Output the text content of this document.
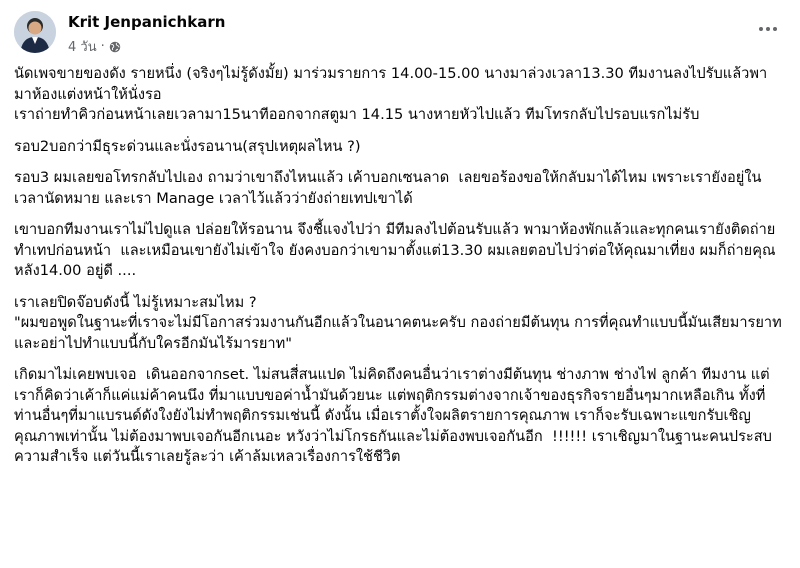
Krit Jenpanichkarn
4 วัน ·

นัดเพจขายของดัง รายหนึ่ง (จริงๆไม่รู้ดังมั้ย) มาร่วมรายการ 14.00-15.00 นางมาล่วงเวลา13.30 ทีมงานลงไปรับแล้วพามาห้องแต่งหน้าให้นั่งรอ
เราถ่ายทำคิวก่อนหน้าเลยเวลามา15นาทีออกจากสตูมา 14.15 นางหายหัวไปแล้ว ทีมโทรกลับไปรอบแรกไม่รับ

รอบ2บอกว่ามีธุระด่วนและนั่งรอนาน(สรุปเหตุผลไหน ?)

รอบ3 ผมเลยขอโทรกลับไปเอง ถามว่าเขาถึงไหนแล้ว เค้าบอกเซนลาด  เลยขอร้องขอให้กลับมาได้ไหม เพราะเรายังอยู่ในเวลานัดหมาย และเรา Manage เวลาไว้แล้วว่ายังถ่ายเทปเขาได้

เขาบอกทีมงานเราไม่ไปดูแล ปล่อยให้รอนาน จึงชี้แจงไปว่า มีทีมลงไปต้อนรับแล้ว พามาห้องพักแล้วและทุกคนเรายังติดถ่ายทำเทปก่อนหน้า  และเหมือนเขายังไม่เข้าใจ ยังคงบอกว่าเขามาตั้งแต่13.30 ผมเลยตอบไปว่าต่อให้คุณมาเที่ยง ผมก็ถ่ายคุณหลัง14.00 อยู่ดี ....

เราเลยปิดจ๊อบดังนี้ ไม่รู้เหมาะสมไหม ?
"ผมขอพูดในฐานะที่เราจะไม่มีโอกาสร่วมงานกันอีกแล้วในอนาคตนะครับ กองถ่ายมีต้นทุน การที่คุณทำแบบนี้มันเสียมารยาท และอย่าไปทำแบบนี้กับใครอีกมันไร้มารยาท"

เกิดมาไม่เคยพบเจอ  เดินออกจากset. ไม่สนสี่สนแปด ไม่คิดถึงคนอื่นว่าเราต่างมีต้นทุน ช่างภาพ ช่างไฟ ลูกค้า ทีมงาน แต่เราก็คิดว่าเค้าก็แค่แม่ค้าคนนึง ที่มาแบบขอค่าน้ำมันด้วยนะ แต่พฤติกรรมต่างจากเจ้าของธุรกิจรายอื่นๆมากเหลือเกิน ทั้งที่ท่านอื่นๆที่มาแบรนด์ดังใงยังไม่ทำพฤติกรรมเช่นนี้ ดังนั้น เมื่อเราตั้งใจผลิตรายการคุณภาพ เราก็จะรับเฉพาะแขกรับเชิญคุณภาพเท่านั้น ไม่ต้องมาพบเจอกันอีกเนอะ หวังว่าไม่โกรธกันและไม่ต้องพบเจอกันอีก  !!!!!! เราเชิญมาในฐานะคนประสบความสำเร็จ แต่วันนี้เราเลยรู้ละว่า เค้าล้มเหลวเรื่องการใช้ชีวิต
